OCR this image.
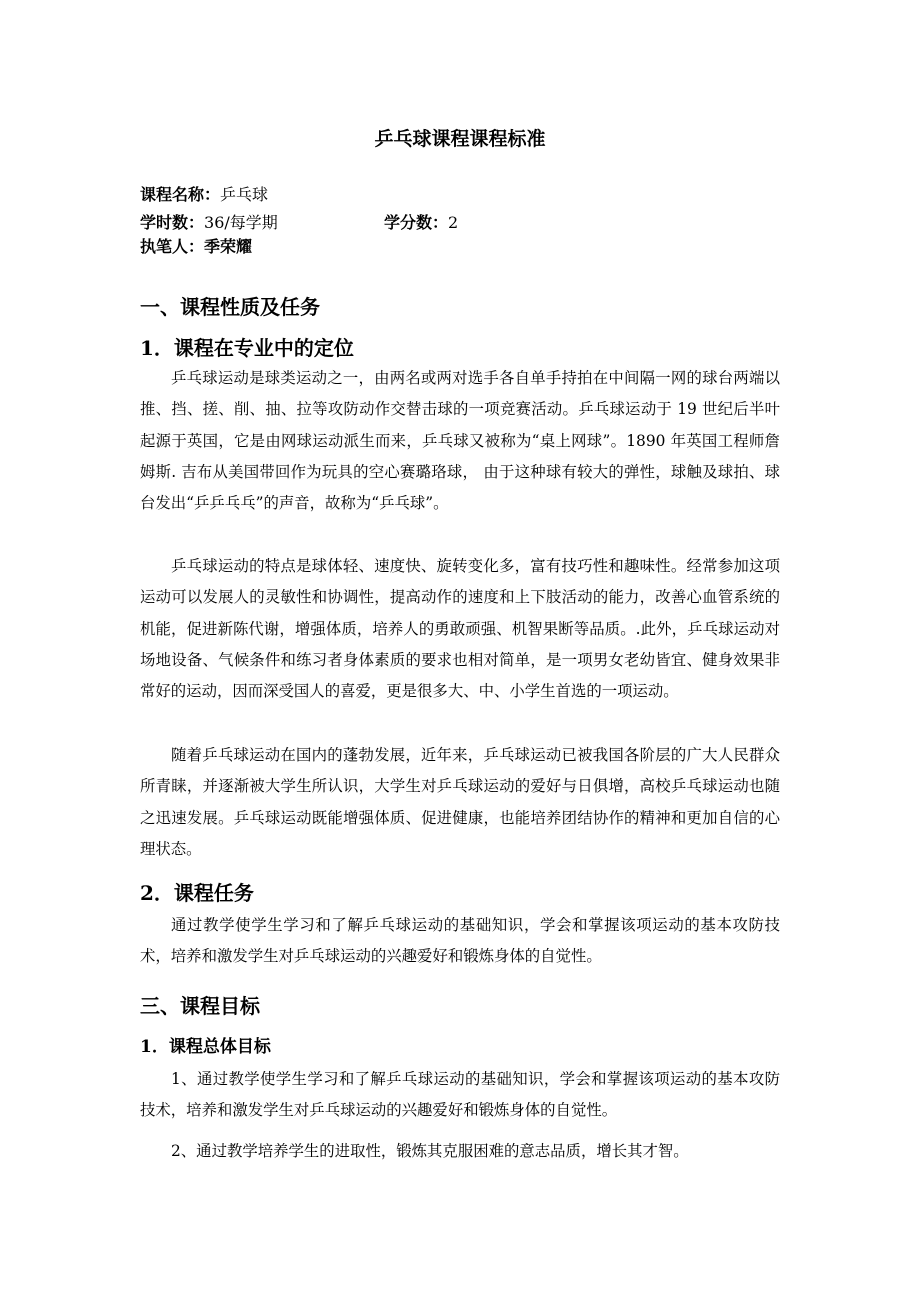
乒乓球课程课程标准
课程名称：乒乓球
学时数：36/每学期	学分数：2
执笔人：季荣耀
一、课程性质及任务
1．课程在专业中的定位

乒乓球运动是球类运动之一，由两名或两对选手各自单手持拍在中间隔一网的球台两端以推、挡、搓、削、抽、拉等攻防动作交替击球的一项竞赛活动。乒乓球运动于 19 世纪后半叶起源于英国，它是由网球运动派生而来，乒乓球又被称为“桌上网球”。1890 年英国工程师詹姆斯. 吉布从美国带回作为玩具的空心赛璐珞球， 由于这种球有较大的弹性，球触及球拍、球台发出“乒乒乓乓”的声音，故称为“乒乓球”。

乒乓球运动的特点是球体轻、速度快、旋转变化多，富有技巧性和趣味性。经常参加这项运动可以发展人的灵敏性和协调性，提高动作的速度和上下肢活动的能力，改善心血管系统的机能，促进新陈代谢，增强体质，培养人的勇敢顽强、机智果断等品质。.此外，乒乓球运动对场地设备、气候条件和练习者身体素质的要求也相对简单，是一项男女老幼皆宜、健身效果非常好的运动，因而深受国人的喜爱，更是很多大、中、小学生首选的一项运动。

随着乒乓球运动在国内的蓬勃发展，近年来，乒乓球运动已被我国各阶层的广大人民群众所青睐，并逐渐被大学生所认识，大学生对乒乓球运动的爱好与日俱增，高校乒乓球运动也随之迅速发展。乒乓球运动既能增强体质、促进健康，也能培养团结协作的精神和更加自信的心理状态。

2．课程任务

通过教学使学生学习和了解乒乓球运动的基础知识，学会和掌握该项运动的基本攻防技术，培养和激发学生对乒乓球运动的兴趣爱好和锻炼身体的自觉性。

三、课程目标
1．课程总体目标

1、通过教学使学生学习和了解乒乓球运动的基础知识，学会和掌握该项运动的基本攻防技术，培养和激发学生对乒乓球运动的兴趣爱好和锻炼身体的自觉性。

2、通过教学培养学生的进取性，锻炼其克服困难的意志品质，增长其才智。
